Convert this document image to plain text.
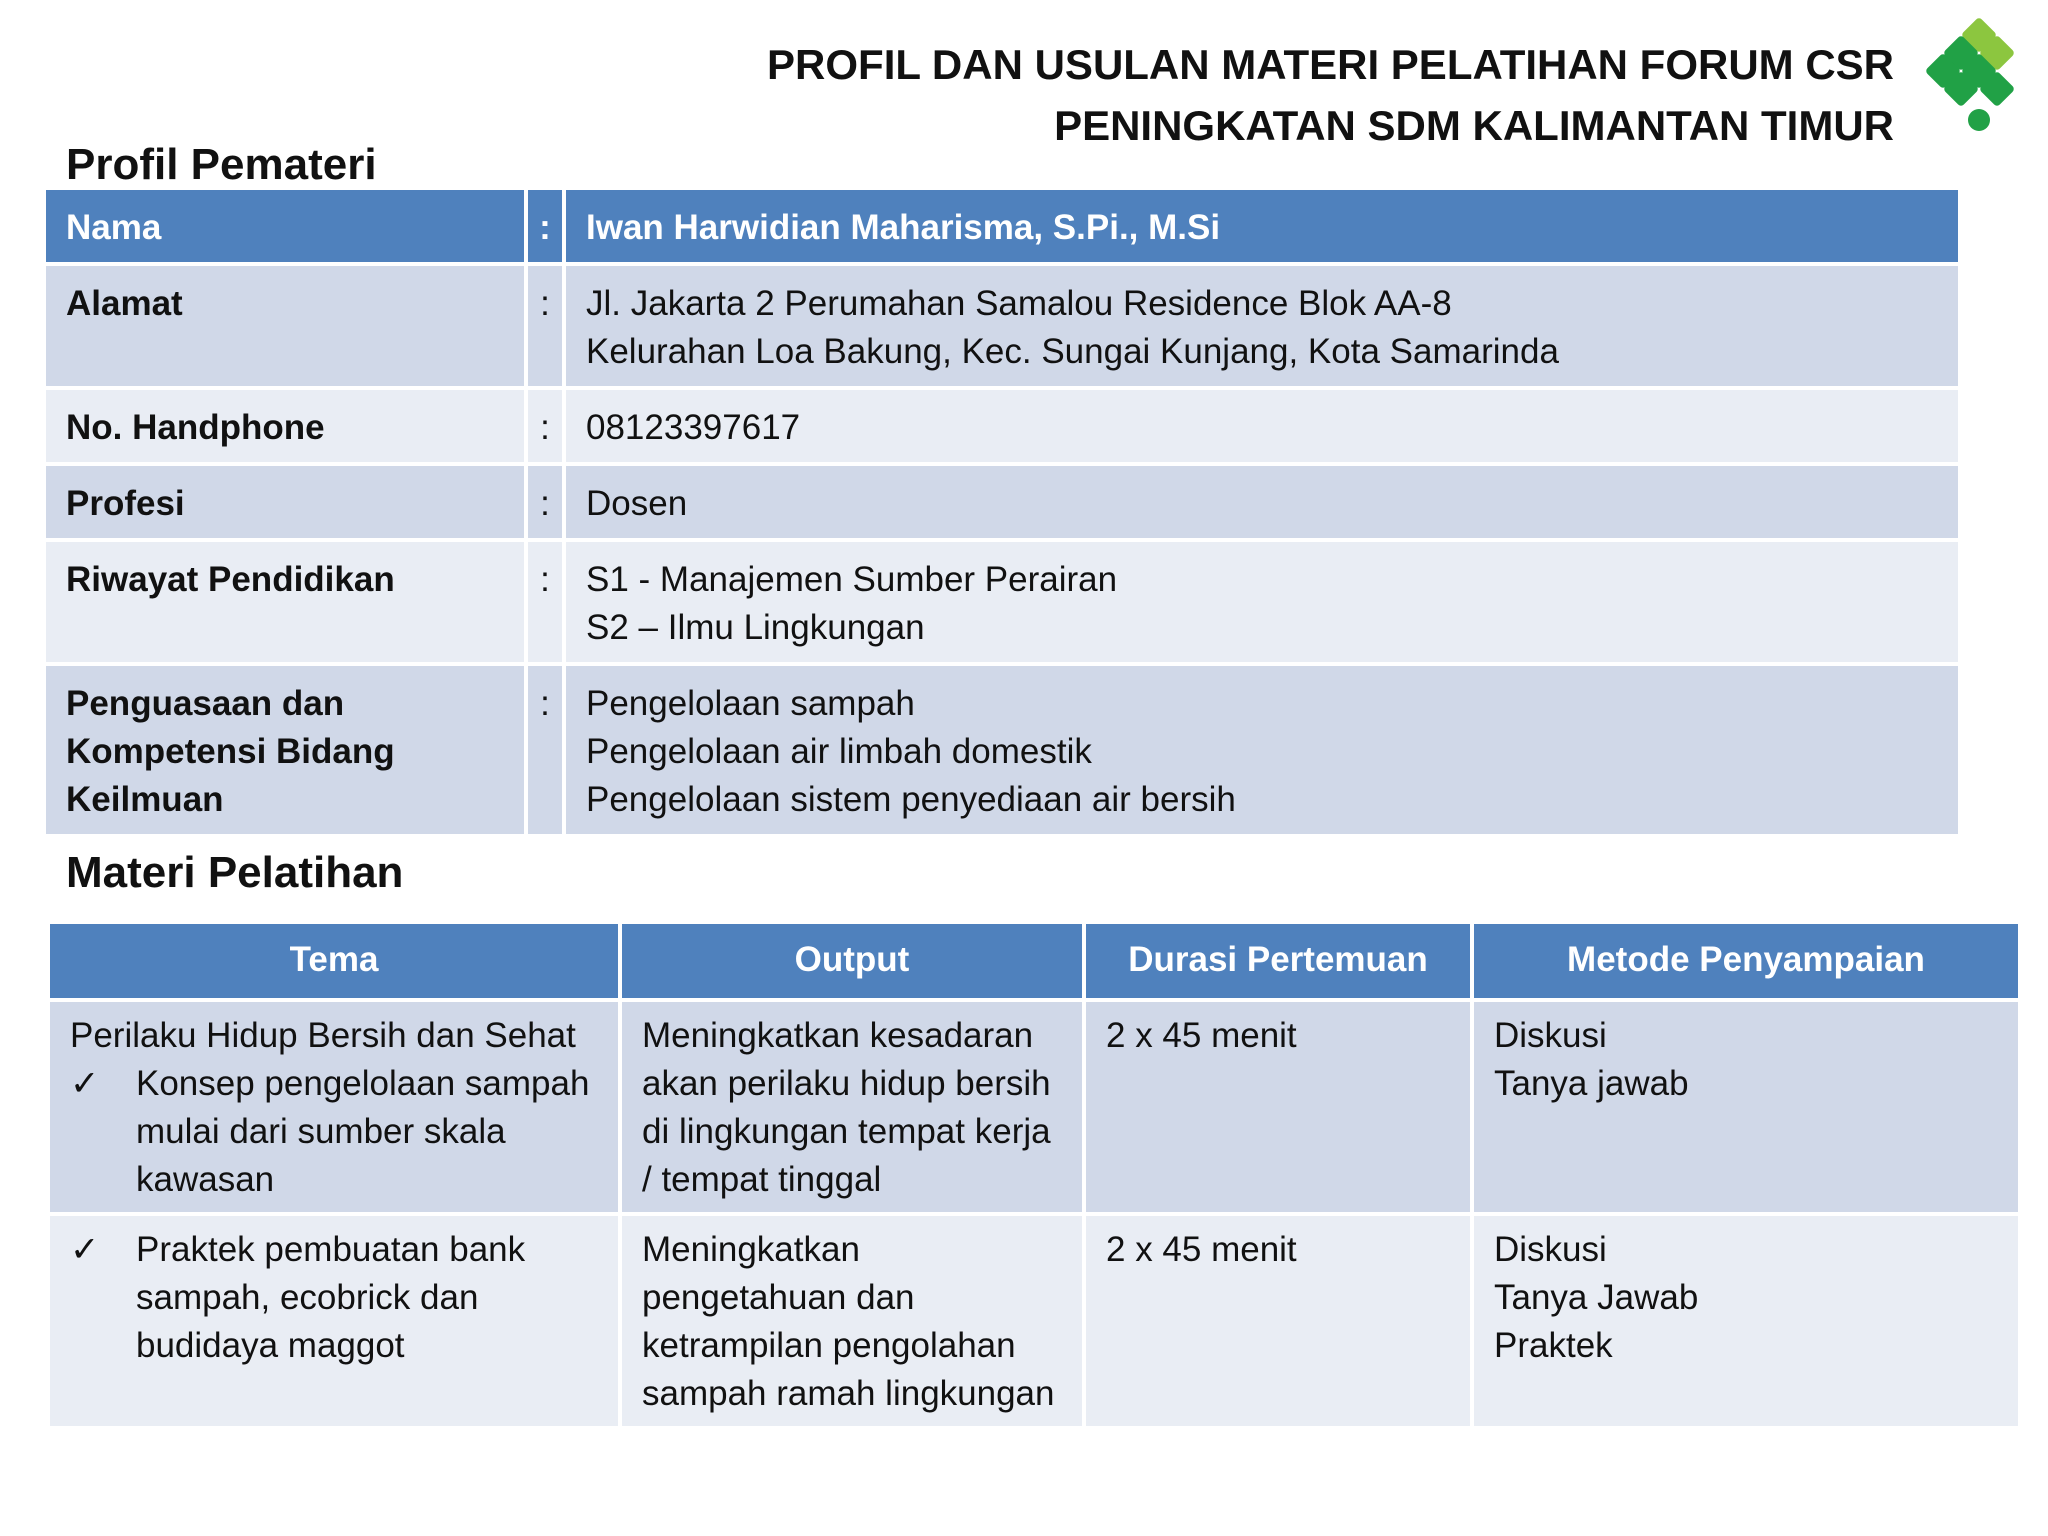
PROFIL DAN USULAN MATERI PELATIHAN FORUM CSR
PENINGKATAN SDM KALIMANTAN TIMUR
Profil Pemateri
Nama	:	Iwan Harwidian Maharisma, S.Pi., M.Si

Alamat	:	Jl. Jakarta 2 Perumahan Samalou Residence Blok AA-8
Kelurahan Loa Bakung, Kec. Sungai Kunjang, Kota Samarinda

No. Handphone	:	08123397617

Profesi	:	Dosen

Riwayat Pendidikan	:	S1 - Manajemen Sumber Perairan
S2 – Ilmu Lingkungan

Penguasaan dan
Kompetensi Bidang
Keilmuan	:	Pengelolaan sampah
Pengelolaan air limbah domestik
Pengelolaan sistem penyediaan air bersih
Materi Pelatihan
Tema	Output	Durasi Pertemuan	Metode Penyampaian

Perilaku Hidup Bersih dan Sehat
✓ Konsep pengelolaan sampah
mulai dari sumber skala
kawasan	Meningkatkan kesadaran
akan perilaku hidup bersih
di lingkungan tempat kerja
/ tempat tinggal	2 x 45 menit	Diskusi
Tanya jawab

✓ Praktek pembuatan bank
sampah, ecobrick dan
budidaya maggot	Meningkatkan
pengetahuan dan
ketrampilan pengolahan
sampah ramah lingkungan	2 x 45 menit	Diskusi
Tanya Jawab
Praktek
